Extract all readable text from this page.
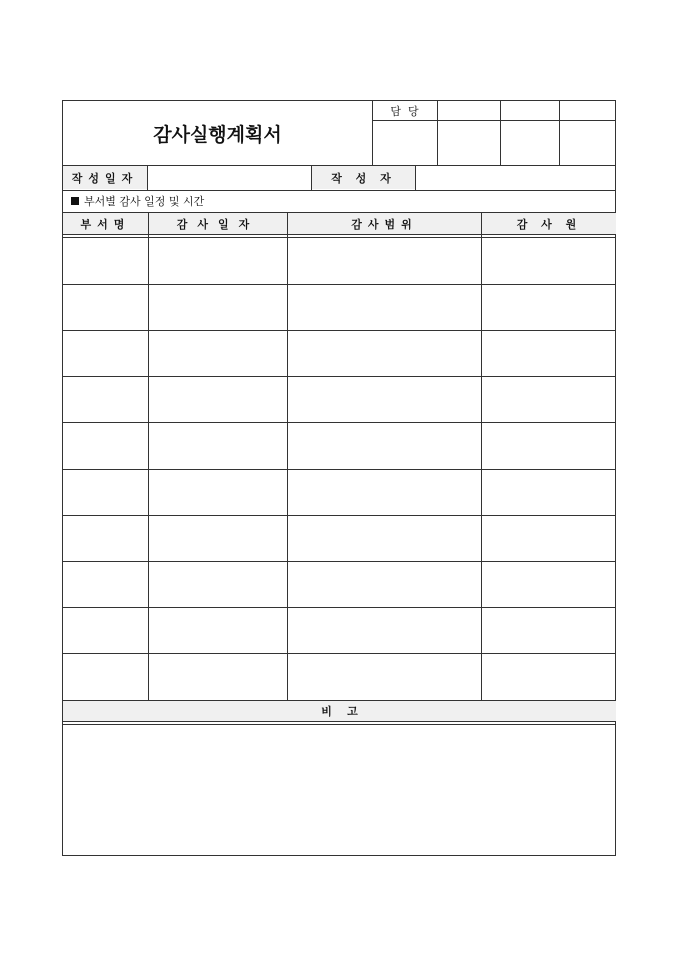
감사실행계획서
담  당
작성일자	작 성 자
부서별 감사 일정 및 시간
부서명	감사일자	감사범위	감 사 원
비    고
